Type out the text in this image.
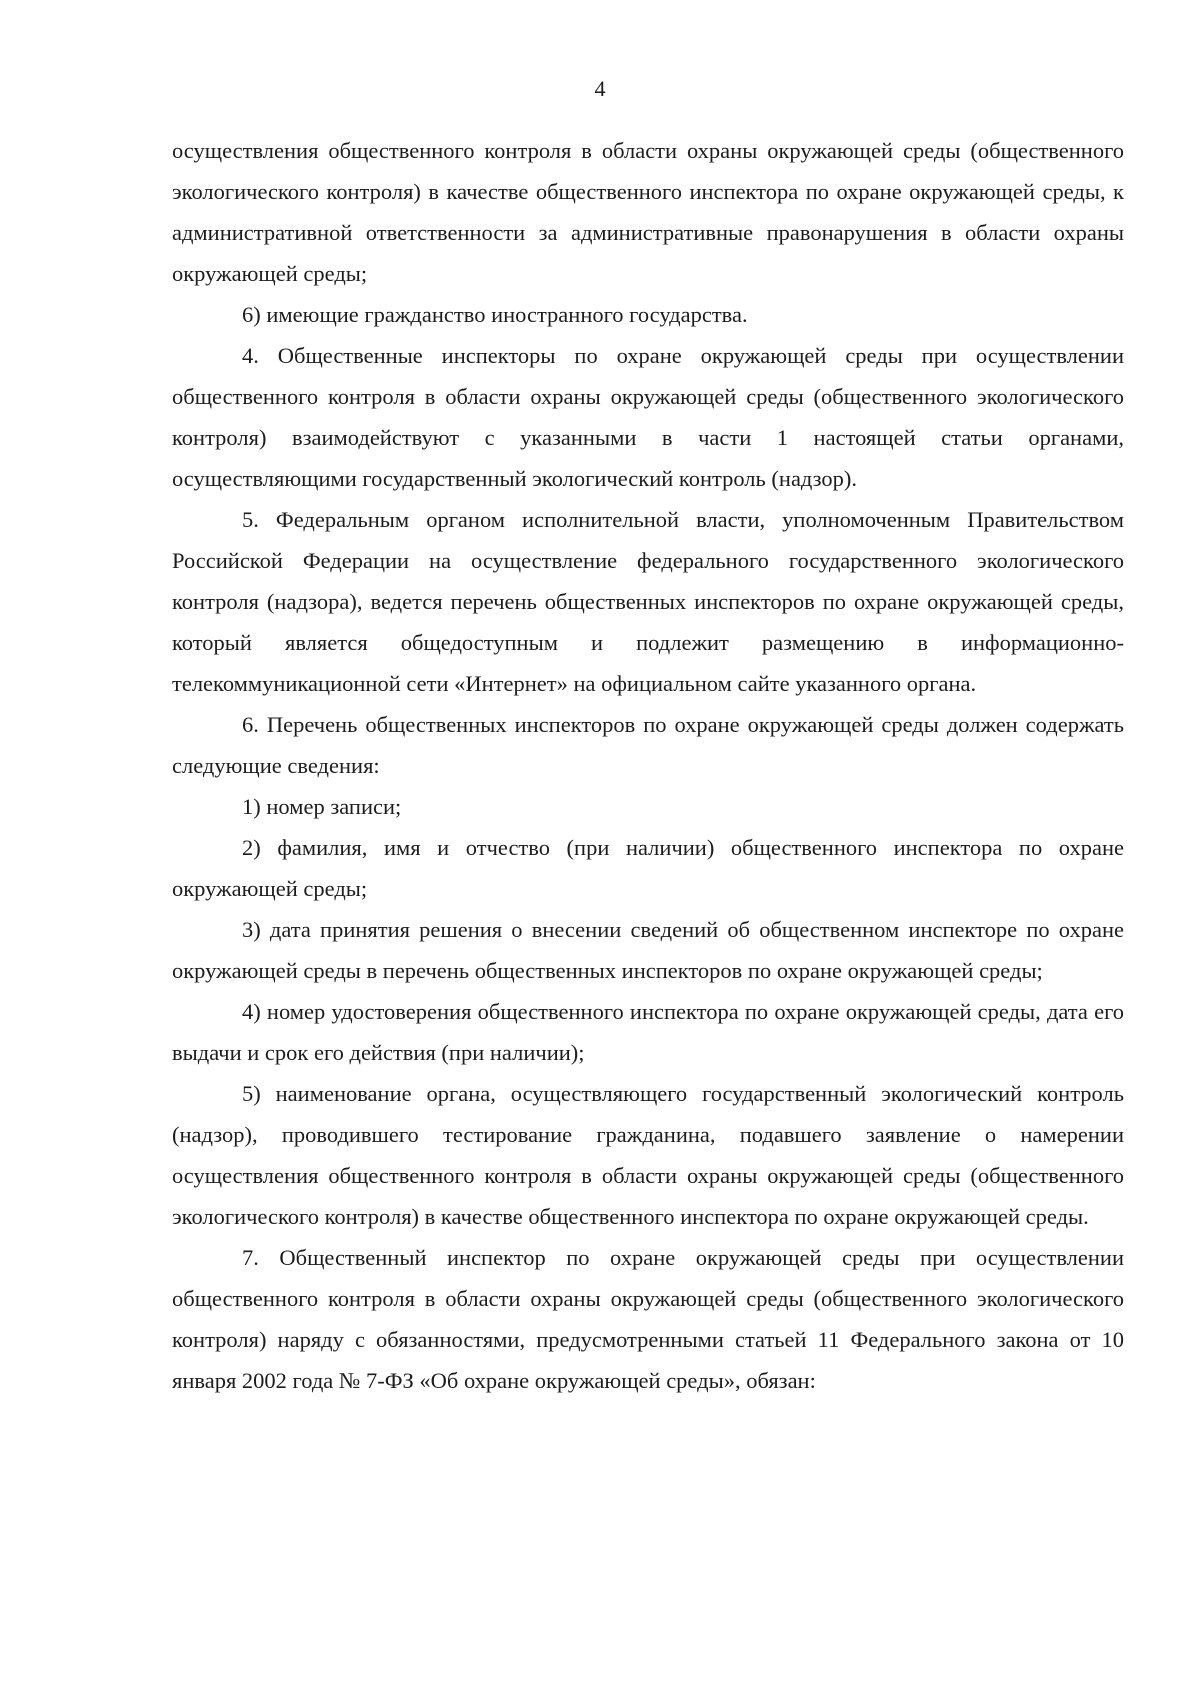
4

осуществления общественного контроля в области охраны окружающей среды (общественного экологического контроля) в качестве общественного инспектора по охране окружающей среды, к административной ответственности за административные правонарушения в области охраны окружающей среды;

6) имеющие гражданство иностранного государства.

4. Общественные инспекторы по охране окружающей среды при осуществлении общественного контроля в области охраны окружающей среды (общественного экологического контроля) взаимодействуют с указанными в части 1 настоящей статьи органами, осуществляющими государственный экологический контроль (надзор).

5. Федеральным органом исполнительной власти, уполномоченным Правительством Российской Федерации на осуществление федерального государственного экологического контроля (надзора), ведется перечень общественных инспекторов по охране окружающей среды, который является общедоступным и подлежит размещению в информационно-телекоммуникационной сети «Интернет» на официальном сайте указанного органа.

6. Перечень общественных инспекторов по охране окружающей среды должен содержать следующие сведения:

1) номер записи;

2) фамилия, имя и отчество (при наличии) общественного инспектора по охране окружающей среды;

3) дата принятия решения о внесении сведений об общественном инспекторе по охране окружающей среды в перечень общественных инспекторов по охране окружающей среды;

4) номер удостоверения общественного инспектора по охране окружающей среды, дата его выдачи и срок его действия (при наличии);

5) наименование органа, осуществляющего государственный экологический контроль (надзор), проводившего тестирование гражданина, подавшего заявление о намерении осуществления общественного контроля в области охраны окружающей среды (общественного экологического контроля) в качестве общественного инспектора по охране окружающей среды.

7. Общественный инспектор по охране окружающей среды при осуществлении общественного контроля в области охраны окружающей среды (общественного экологического контроля) наряду с обязанностями, предусмотренными статьей 11 Федерального закона от 10 января 2002 года № 7-ФЗ «Об охране окружающей среды», обязан:
